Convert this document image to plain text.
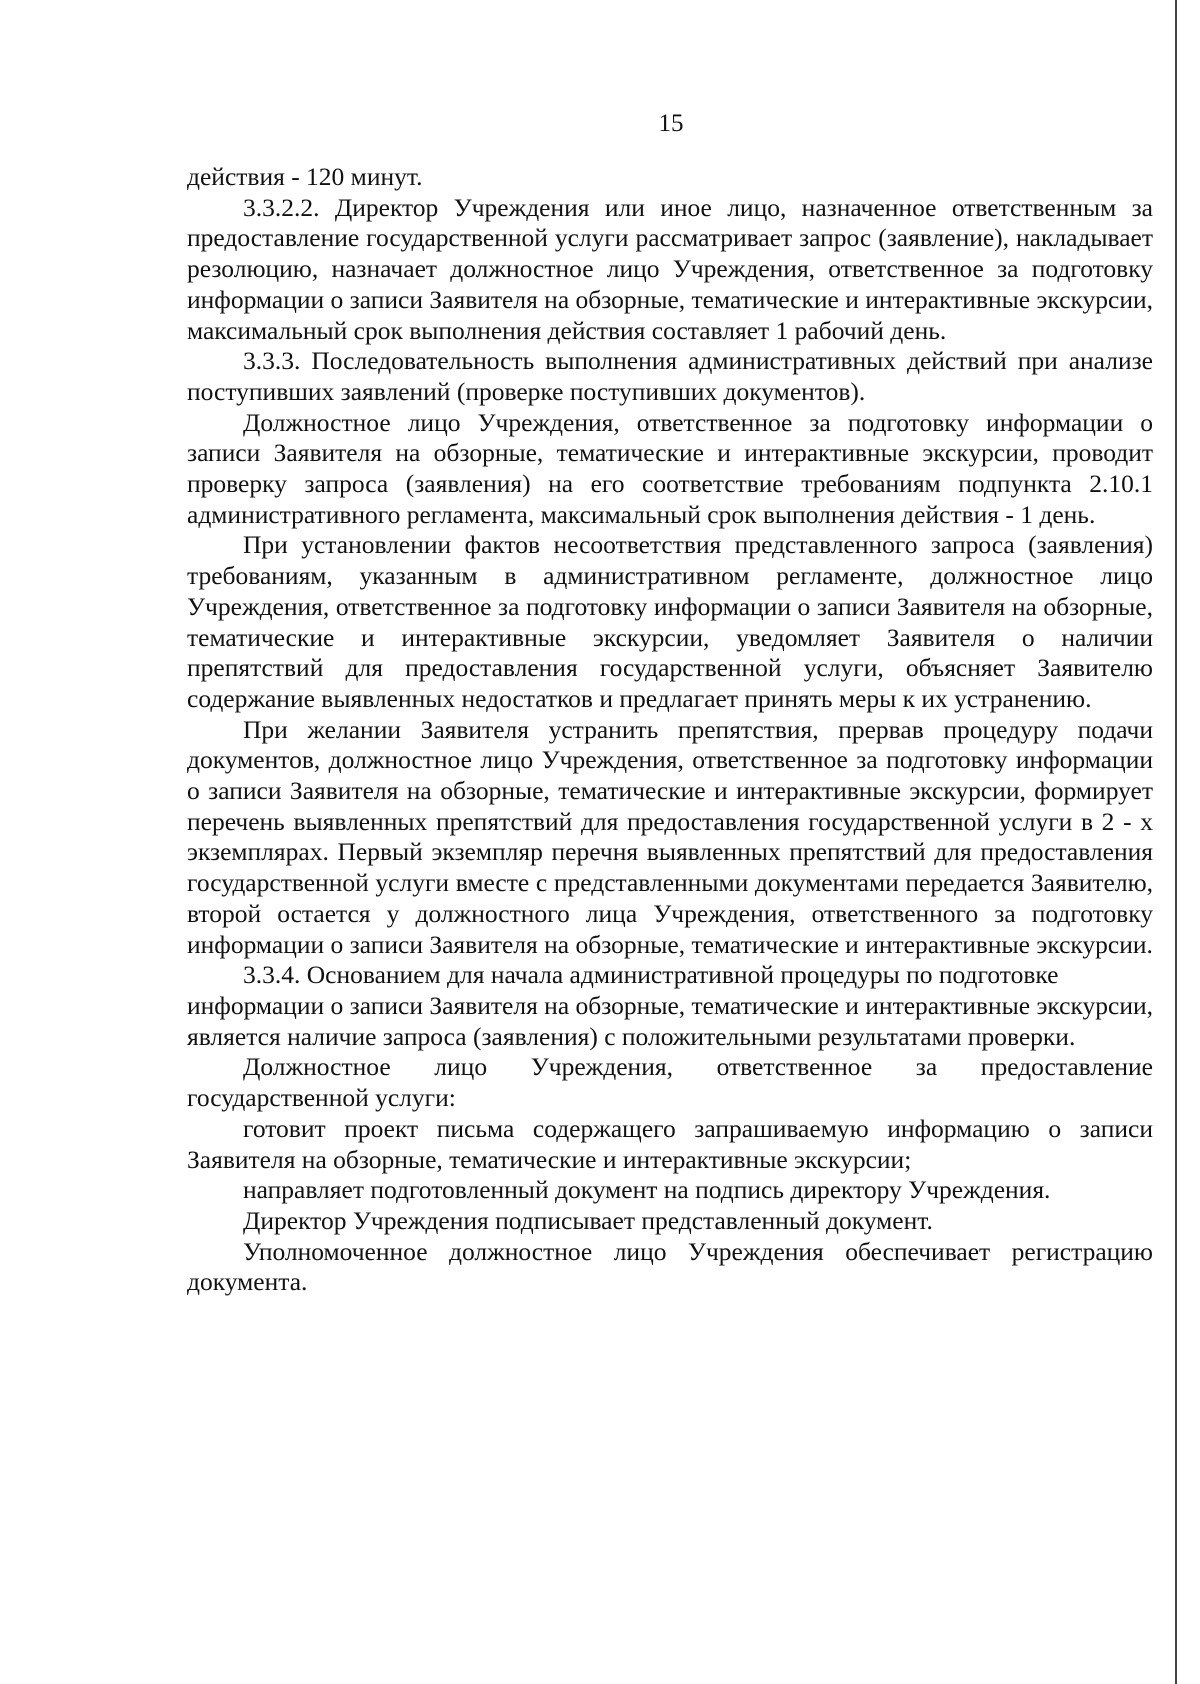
15

действия - 120 минут.

3.3.2.2. Директор Учреждения или иное лицо, назначенное ответственным за предоставление государственной услуги рассматривает запрос (заявление), накладывает резолюцию, назначает должностное лицо Учреждения, ответственное за подготовку информации о записи Заявителя на обзорные, тематические и интерактивные экскурсии, максимальный срок выполнения действия составляет 1 рабочий день.

3.3.3. Последовательность выполнения административных действий при анализе поступивших заявлений (проверке поступивших документов).

Должностное лицо Учреждения, ответственное за подготовку информации о записи Заявителя на обзорные, тематические и интерактивные экскурсии, проводит проверку запроса (заявления) на его соответствие требованиям подпункта 2.10.1 административного регламента, максимальный срок выполнения действия - 1 день.

При установлении фактов несоответствия представленного запроса (заявления) требованиям, указанным в административном регламенте, должностное лицо Учреждения, ответственное за подготовку информации о записи Заявителя на обзорные, тематические и интерактивные экскурсии, уведомляет Заявителя о наличии препятствий для предоставления государственной услуги, объясняет Заявителю содержание выявленных недостатков и предлагает принять меры к их устранению.

При желании Заявителя устранить препятствия, прервав процедуру подачи документов, должностное лицо Учреждения, ответственное за подготовку информации о записи Заявителя на обзорные, тематические и интерактивные экскурсии, формирует перечень выявленных препятствий для предоставления государственной услуги в 2 - х экземплярах. Первый экземпляр перечня выявленных препятствий для предоставления государственной услуги вместе с представленными документами передается Заявителю, второй остается у должностного лица Учреждения, ответственного за подготовку информации о записи Заявителя на обзорные, тематические и интерактивные экскурсии.

3.3.4. Основанием для начала административной процедуры по подготовке

информации о записи Заявителя на обзорные, тематические и интерактивные экскурсии, является наличие запроса (заявления) с положительными результатами проверки.

Должностное лицо Учреждения, ответственное за предоставление государственной услуги:

готовит проект письма содержащего запрашиваемую информацию о записи Заявителя на обзорные, тематические и интерактивные экскурсии;

направляет подготовленный документ на подпись директору Учреждения.

Директор Учреждения подписывает представленный документ.

Уполномоченное должностное лицо Учреждения обеспечивает регистрацию документа.
